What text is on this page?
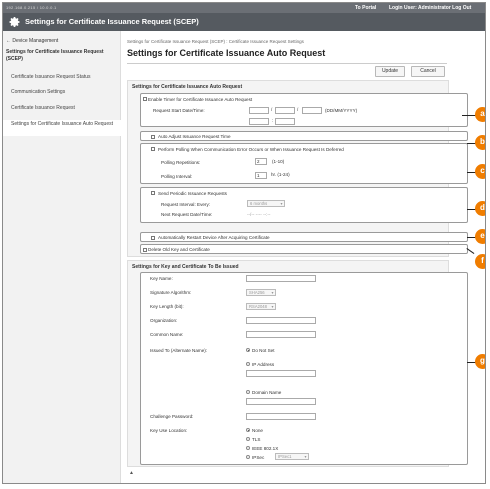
192.168.0.215 / 10.0.0.1	To Portal	Login User: Administrator Log Out
Settings for Certificate Issuance Request (SCEP)
← Device Management
Settings for Certificate Issuance Request (SCEP)
Certificate Issuance Request Status
Communication Settings
Certificate Issuance Request
Settings for Certificate Issuance Auto Request
Settings for Certificate Issuance Request (SCEP) : Certificate Issuance Request Settings
Settings for Certificate Issuance Auto Request
Update	Cancel
Settings for Certificate Issuance Auto Request
Enable Timer for Certificate Issuance Auto Request
Request Start Date/Time:	/	/	(DD/MM/YYYY)
:
Auto Adjust Issuance Request Time
Perform Polling When Communication Error Occurs or When Issuance Request Is Deferred
Polling Repetitions:	2	(1-10)
Polling Interval:	1	hr. (1-24)
Send Periodic Issuance Requests
Request Interval: Every:	6 months	▾
Next Request Date/Time:	--/-- ---- --:--
Automatically Restart Device After Acquiring Certificate
Delete Old Key and Certificate
Settings for Key and Certificate To Be Issued
Key Name:
Signature Algorithm:	SHA256 ▾
Key Length (bit):	RSA2048 ▾
Organization:
Common Name:
Issued To (Alternate Name):	Do Not Set
IP Address
Domain Name
Challenge Password:
Key Use Location:	None
TLS
IEEE 802.1X
IPSec	IPSec1	▾
▲
a
b
c
d
e
f
g
